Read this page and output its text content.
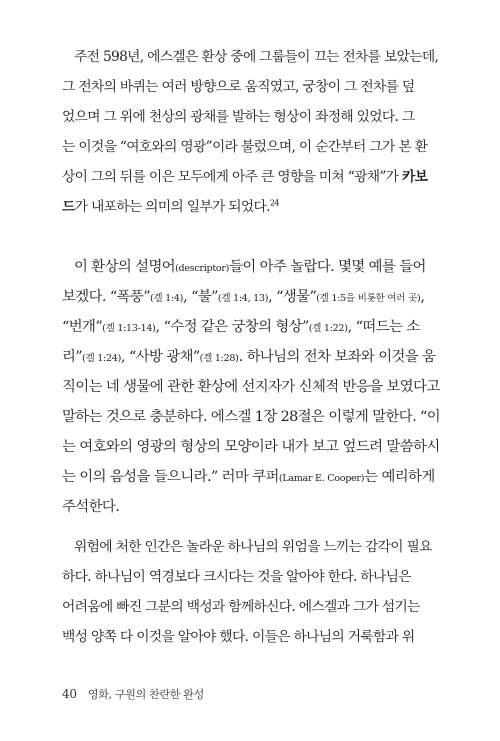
주전 598년, 에스겔은 환상 중에 그룹들이 끄는 전차를 보았는데,
그 전차의 바퀴는 여러 방향으로 움직였고, 궁창이 그 전차를 덮
었으며 그 위에 천상의 광채를 발하는 형상이 좌정해 있었다. 그
는 이것을 “여호와의 영광”이라 불렀으며, 이 순간부터 그가 본 환
상이 그의 뒤를 이은 모두에게 아주 큰 영향을 미쳐 “광채”가 카보
드가 내포하는 의미의 일부가 되었다.$^{24}$
이 환상의 설명어(descriptor)들이 아주 놀랍다. 몇몇 예를 들어
보겠다. “폭풍”(겔 1:4), “불”(겔 1:4, 13), “생물”(겔 1:5을 비롯한 여러 곳),
“번개”(겔 1:13-14), “수정 같은 궁창의 형상”(겔 1:22), “떠드는 소
리”(겔 1:24), “사방 광채”(겔 1:28). 하나님의 전차 보좌와 이것을 움
직이는 네 생물에 관한 환상에 선지자가 신체적 반응을 보였다고
말하는 것으로 충분하다. 에스겔 1장 28절은 이렇게 말한다. “이
는 여호와의 영광의 형상의 모양이라 내가 보고 엎드려 말씀하시
는 이의 음성을 들으니라.” 러마 쿠퍼(Lamar E. Cooper)는 예리하게
주석한다.
위험에 처한 인간은 놀라운 하나님의 위엄을 느끼는 감각이 필요
하다. 하나님이 역경보다 크시다는 것을 알아야 한다. 하나님은
어려움에 빠진 그분의 백성과 함께하신다. 에스겔과 그가 섬기는
백성 양쪽 다 이것을 알아야 했다. 이들은 하나님의 거룩함과 위
40 영화, 구원의 찬란한 완성
